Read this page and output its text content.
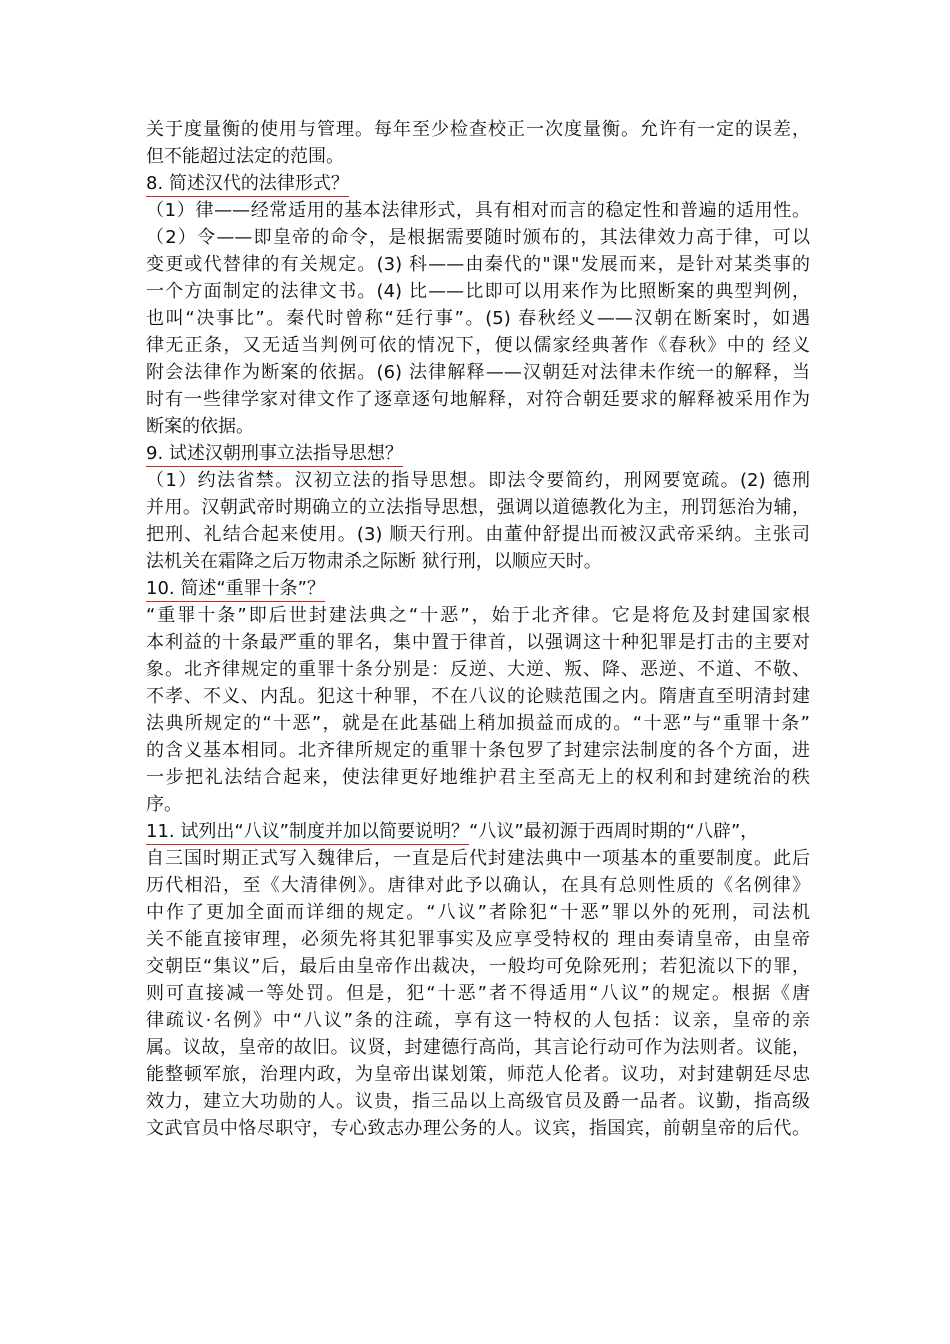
关于度量衡的使用与管理。每年至少检查校正一次度量衡。允许有一定的误差，
但不能超过法定的范围。
8. 简述汉代的法律形式？
（1）律——经常适用的基本法律形式，具有相对而言的稳定性和普遍的适用性。
（2）令——即皇帝的命令，是根据需要随时颁布的，其法律效力高于律，可以
变更或代替律的有关规定。(3) 科——由秦代的"课"发展而来，是针对某类事的
一个方面制定的法律文书。(4) 比——比即可以用来作为比照断案的典型判例，
也叫“决事比”。秦代时曾称“廷行事”。(5) 春秋经义——汉朝在断案时，如遇
律无正条，又无适当判例可依的情况下，便以儒家经典著作《春秋》中的 经义
附会法律作为断案的依据。(6) 法律解释——汉朝廷对法律未作统一的解释，当
时有一些律学家对律文作了逐章逐句地解释，对符合朝廷要求的解释被采用作为
断案的依据。
9. 试述汉朝刑事立法指导思想？
（1）约法省禁。汉初立法的指导思想。即法令要简约，刑网要宽疏。(2) 德刑
并用。汉朝武帝时期确立的立法指导思想，强调以道德教化为主，刑罚惩治为辅，
把刑、礼结合起来使用。(3) 顺天行刑。由董仲舒提出而被汉武帝采纳。主张司
法机关在霜降之后万物肃杀之际断 狱行刑，以顺应天时。
10. 简述“重罪十条”？
“重罪十条”即后世封建法典之“十恶”，始于北齐律。它是将危及封建国家根
本利益的十条最严重的罪名，集中置于律首，以强调这十种犯罪是打击的主要对
象。北齐律规定的重罪十条分别是：反逆、大逆、叛、降、恶逆、不道、不敬、
不孝、不义、内乱。犯这十种罪，不在八议的论赎范围之内。隋唐直至明清封建
法典所规定的“十恶”，就是在此基础上稍加损益而成的。“十恶”与“重罪十条”
的含义基本相同。北齐律所规定的重罪十条包罗了封建宗法制度的各个方面，进
一步把礼法结合起来，使法律更好地维护君主至高无上的权利和封建统治的秩
序。
11. 试列出“八议”制度并加以简要说明？“八议”最初源于西周时期的“八辟”，
自三国时期正式写入魏律后，一直是后代封建法典中一项基本的重要制度。此后
历代相沿，至《大清律例》。唐律对此予以确认，在具有总则性质的《名例律》
中作了更加全面而详细的规定。“八议”者除犯“十恶”罪以外的死刑，司法机
关不能直接审理，必须先将其犯罪事实及应享受特权的 理由奏请皇帝，由皇帝
交朝臣“集议”后，最后由皇帝作出裁决，一般均可免除死刑；若犯流以下的罪，
则可直接减一等处罚。但是，犯“十恶”者不得适用“八议”的规定。根据《唐
律疏议·名例》中“八议”条的注疏，享有这一特权的人包括：议亲，皇帝的亲
属。议故，皇帝的故旧。议贤，封建德行高尚，其言论行动可作为法则者。议能，
能整顿军旅，治理内政，为皇帝出谋划策，师范人伦者。议功，对封建朝廷尽忠
效力，建立大功勋的人。议贵，指三品以上高级官员及爵一品者。议勤，指高级
文武官员中恪尽职守，专心致志办理公务的人。议宾，指国宾，前朝皇帝的后代。
